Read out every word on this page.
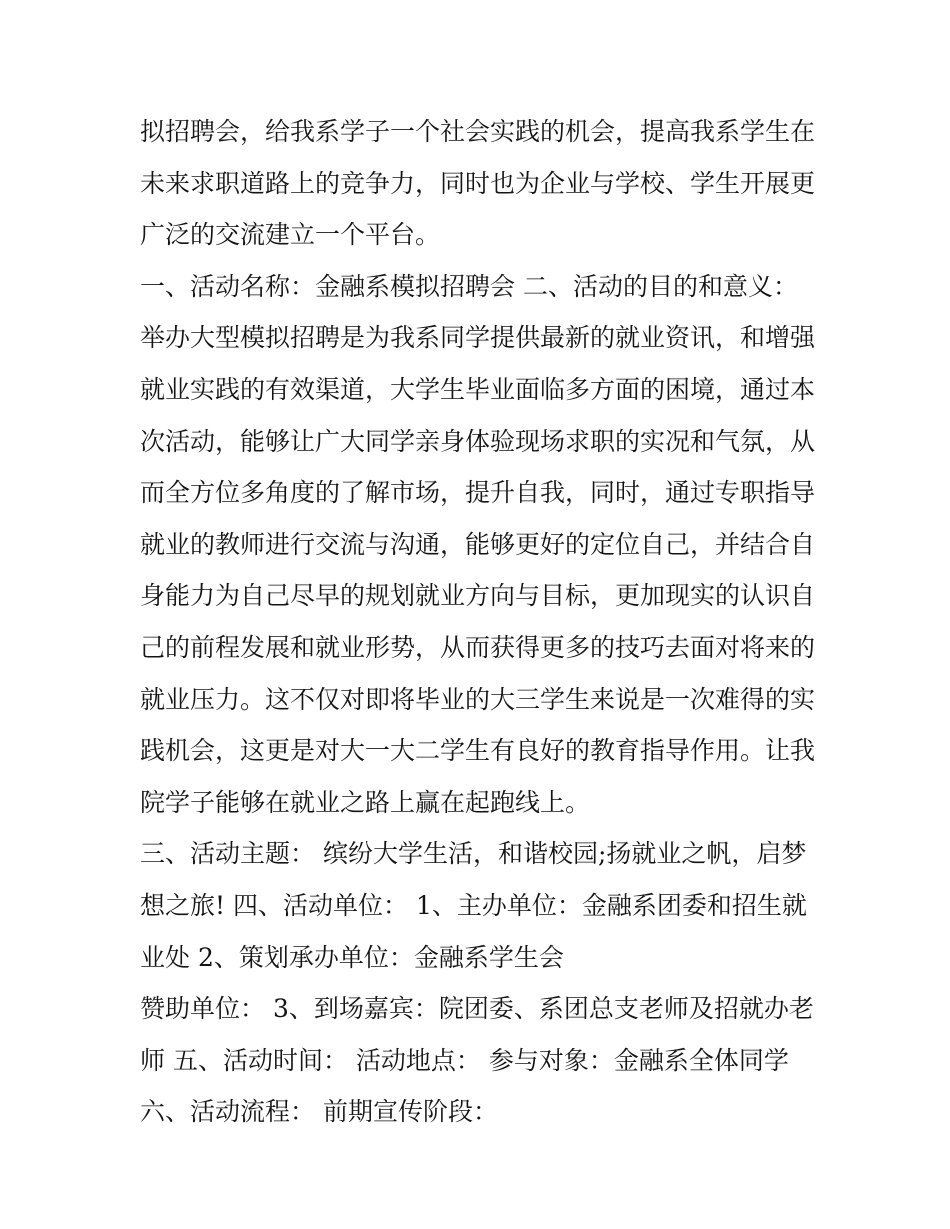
拟招聘会，给我系学子一个社会实践的机会，提高我系学生在
未来求职道路上的竞争力，同时也为企业与学校、学生开展更
广泛的交流建立一个平台。
一、活动名称：金融系模拟招聘会 二、活动的目的和意义：
举办大型模拟招聘是为我系同学提供最新的就业资讯，和增强
就业实践的有效渠道，大学生毕业面临多方面的困境，通过本
次活动，能够让广大同学亲身体验现场求职的实况和气氛，从
而全方位多角度的了解市场，提升自我，同时，通过专职指导
就业的教师进行交流与沟通，能够更好的定位自己，并结合自
身能力为自己尽早的规划就业方向与目标，更加现实的认识自
己的前程发展和就业形势，从而获得更多的技巧去面对将来的
就业压力。这不仅对即将毕业的大三学生来说是一次难得的实
践机会，这更是对大一大二学生有良好的教育指导作用。让我
院学子能够在就业之路上赢在起跑线上。
三、活动主题： 缤纷大学生活，和谐校园;扬就业之帆，启梦
想之旅! 四、活动单位： 1、主办单位：金融系团委和招生就
业处 2、策划承办单位：金融系学生会
赞助单位： 3、到场嘉宾：院团委、系团总支老师及招就办老
师 五、活动时间： 活动地点： 参与对象：金融系全体同学
六、活动流程： 前期宣传阶段：
